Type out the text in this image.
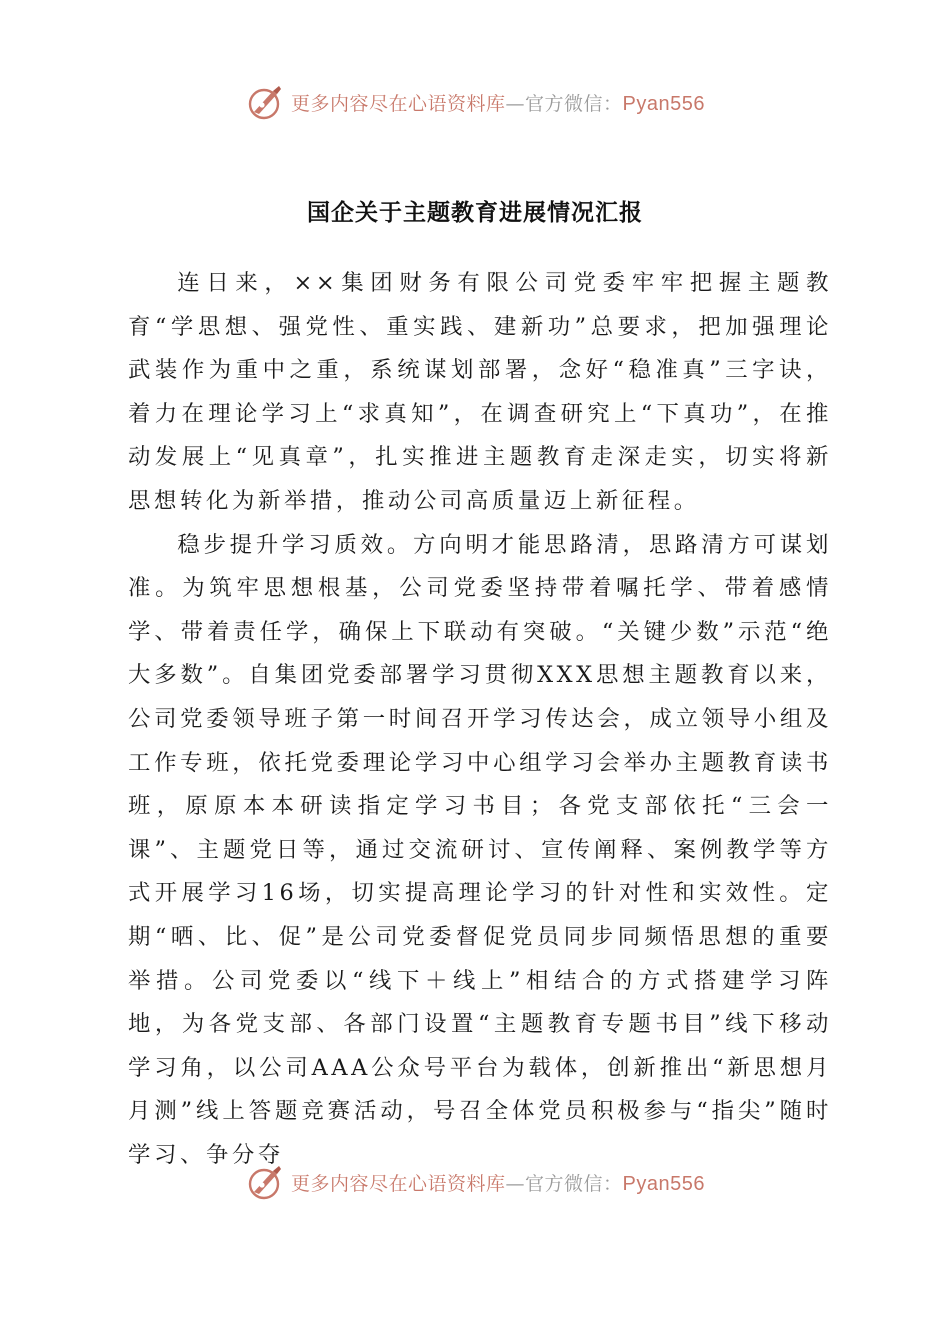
更多内容尽在心语资料库—官方微信：Pyan556
国企关于主题教育进展情况汇报

连日来，××集团财务有限公司党委牢牢把握主题教育“学思想、强党性、重实践、建新功”总要求，把加强理论武装作为重中之重，系统谋划部署，念好“稳准真”三字诀，着力在理论学习上“求真知”，在调查研究上“下真功”，在推动发展上“见真章”，扎实推进主题教育走深走实，切实将新思想转化为新举措，推动公司高质量迈上新征程。

稳步提升学习质效。方向明才能思路清，思路清方可谋划准。为筑牢思想根基，公司党委坚持带着嘱托学、带着感情学、带着责任学，确保上下联动有突破。“关键少数”示范“绝大多数”。自集团党委部署学习贯彻XXX思想主题教育以来，公司党委领导班子第一时间召开学习传达会，成立领导小组及工作专班，依托党委理论学习中心组学习会举办主题教育读书班，原原本本研读指定学习书目；各党支部依托“三会一课”、主题党日等，通过交流研讨、宣传阐释、案例教学等方式开展学习16场，切实提高理论学习的针对性和实效性。定期“晒、比、促”是公司党委督促党员同步同频悟思想的重要举措。公司党委以“线下＋线上”相结合的方式搭建学习阵地，为各党支部、各部门设置“主题教育专题书目”线下移动学习角，以公司AAA公众号平台为载体，创新推出“新思想月月测”线上答题竞赛活动，号召全体党员积极参与“指尖”随时学习、争分夺

更多内容尽在心语资料库—官方微信：Pyan556
